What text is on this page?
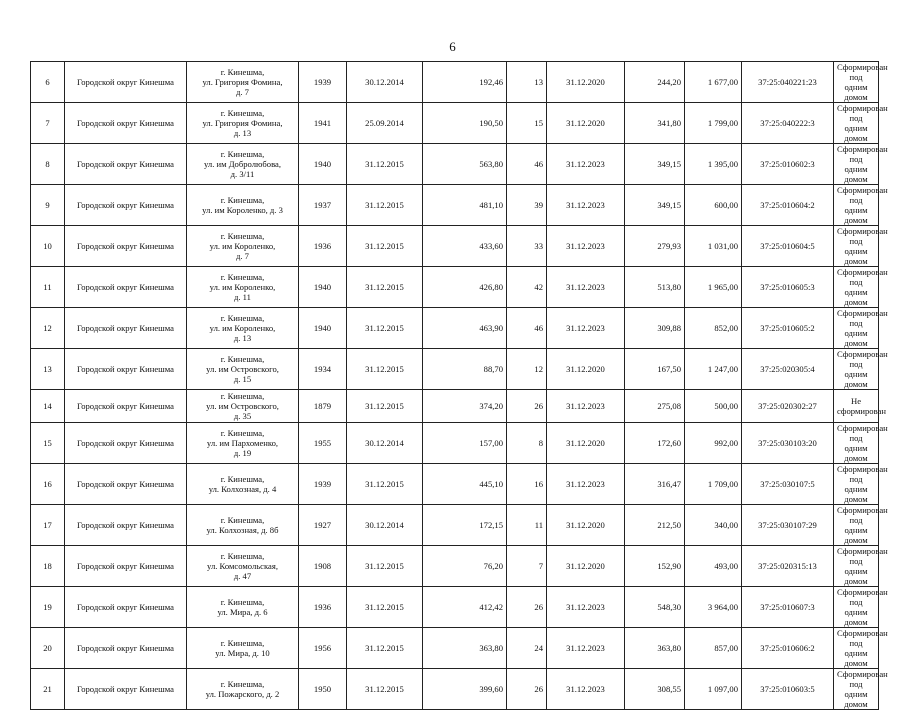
6
6	Городской округ Кинешма	г. Кинешма,
ул. Григория Фомина,
д. 7	1939	30.12.2014	192,46	13	31.12.2020	244,20	1 677,00	37:25:040221:23	Сформирован
под одним
домом
7	Городской округ Кинешма	г. Кинешма,
ул. Григория Фомина,
д. 13	1941	25.09.2014	190,50	15	31.12.2020	341,80	1 799,00	37:25:040222:3	Сформирован
под одним
домом
8	Городской округ Кинешма	г. Кинешма,
ул. им Добролюбова,
д. 3/11	1940	31.12.2015	563,80	46	31.12.2023	349,15	1 395,00	37:25:010602:3	Сформирован
под одним
домом
9	Городской округ Кинешма	г. Кинешма,
ул. им Короленко, д. 3	1937	31.12.2015	481,10	39	31.12.2023	349,15	600,00	37:25:010604:2	Сформирован
под одним
домом
10	Городской округ Кинешма	г. Кинешма,
ул. им Короленко,
д. 7	1936	31.12.2015	433,60	33	31.12.2023	279,93	1 031,00	37:25:010604:5	Сформирован
под одним
домом
11	Городской округ Кинешма	г. Кинешма,
ул. им Короленко,
д. 11	1940	31.12.2015	426,80	42	31.12.2023	513,80	1 965,00	37:25:010605:3	Сформирован
под одним
домом
12	Городской округ Кинешма	г. Кинешма,
ул. им Короленко,
д. 13	1940	31.12.2015	463,90	46	31.12.2023	309,88	852,00	37:25:010605:2	Сформирован
под одним
домом
13	Городской округ Кинешма	г. Кинешма,
ул. им Островского,
д. 15	1934	31.12.2015	88,70	12	31.12.2020	167,50	1 247,00	37:25:020305:4	Сформирован
под одним
домом
14	Городской округ Кинешма	г. Кинешма,
ул. им Островского,
д. 35	1879	31.12.2015	374,20	26	31.12.2023	275,08	500,00	37:25:020302:27	Не
сформирован

15	Городской округ Кинешма	г. Кинешма,
ул. им Пархоменко,
д. 19	1955	30.12.2014	157,00	8	31.12.2020	172,60	992,00	37:25:030103:20	Сформирован
под одним
домом
16	Городской округ Кинешма	г. Кинешма,
ул. Колхозная, д. 4	1939	31.12.2015	445,10	16	31.12.2023	316,47	1 709,00	37:25:030107:5	Сформирован
под одним
домом
17	Городской округ Кинешма	г. Кинешма,
ул. Колхозная, д. 8б	1927	30.12.2014	172,15	11	31.12.2020	212,50	340,00	37:25:030107:29	Сформирован
под одним
домом
18	Городской округ Кинешма	г. Кинешма,
ул. Комсомольская,
д. 47	1908	31.12.2015	76,20	7	31.12.2020	152,90	493,00	37:25:020315:13	Сформирован
под одним
домом
19	Городской округ Кинешма	г. Кинешма,
ул. Мира, д. 6	1936	31.12.2015	412,42	26	31.12.2023	548,30	3 964,00	37:25:010607:3	Сформирован
под одним
домом
20	Городской округ Кинешма	г. Кинешма,
ул. Мира, д. 10	1956	31.12.2015	363,80	24	31.12.2023	363,80	857,00	37:25:010606:2	Сформирован
под одним
домом
21	Городской округ Кинешма	г. Кинешма,
ул. Пожарского, д. 2	1950	31.12.2015	399,60	26	31.12.2023	308,55	1 097,00	37:25:010603:5	Сформирован
под одним
домом
